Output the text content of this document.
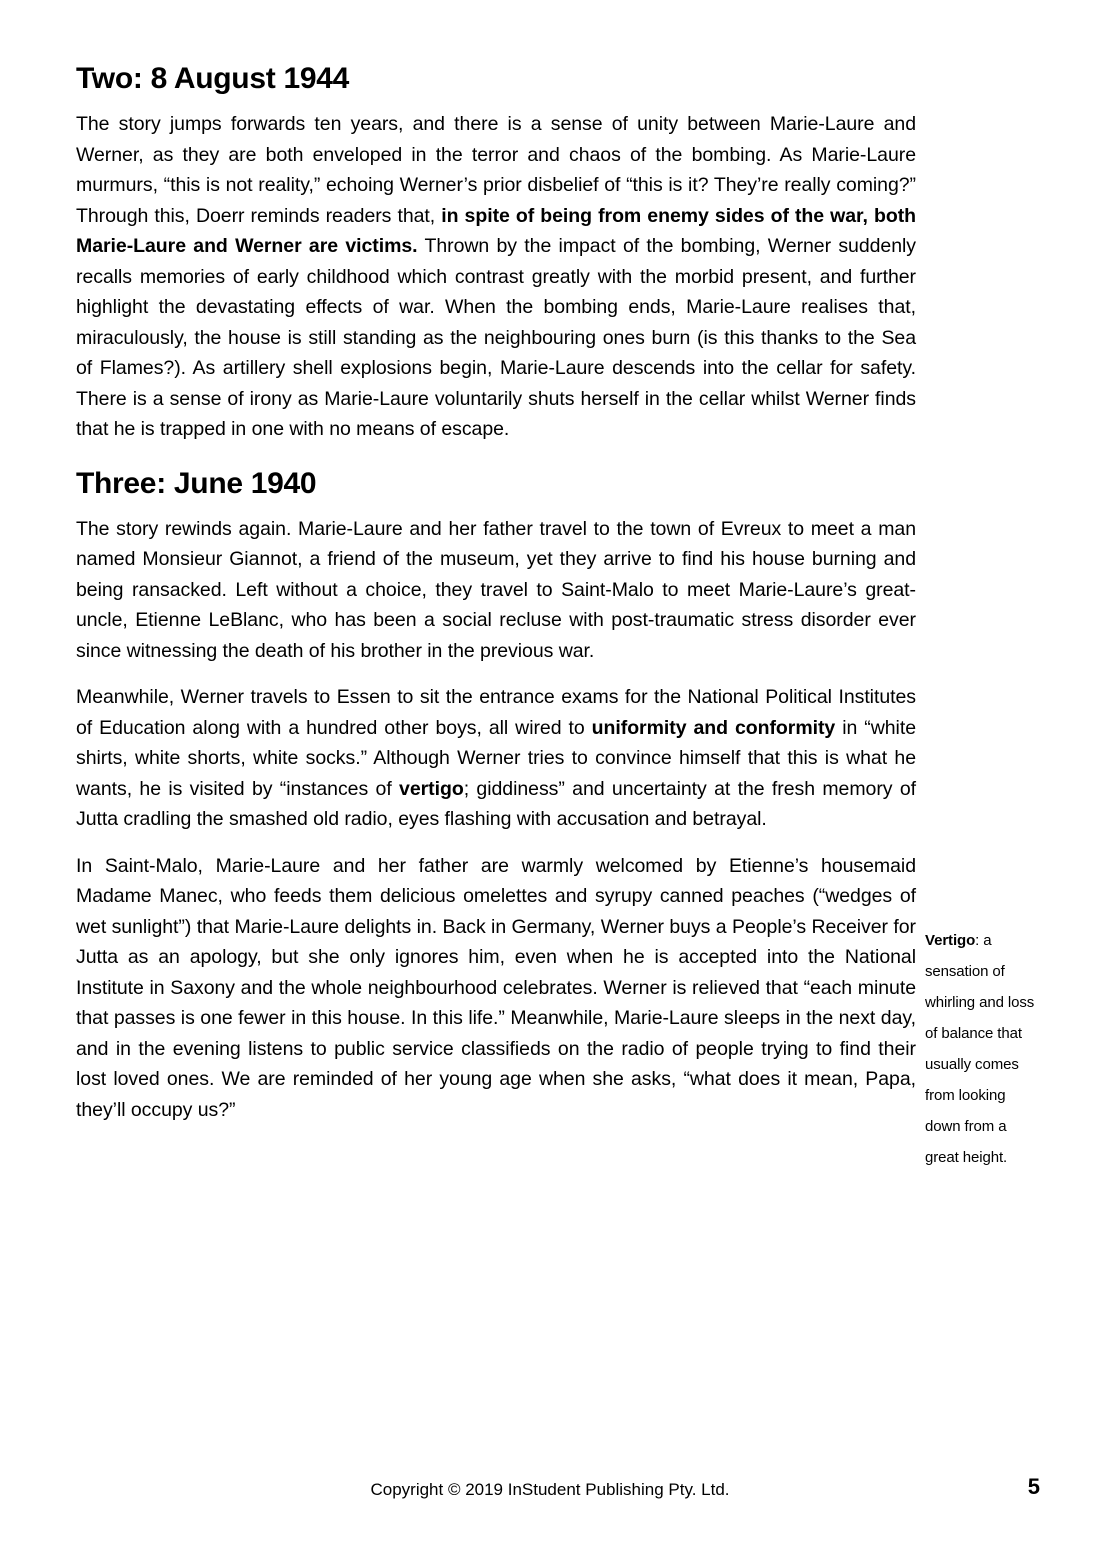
Two: 8 August 1944

The story jumps forwards ten years, and there is a sense of unity between Marie-Laure and Werner, as they are both enveloped in the terror and chaos of the bombing. As Marie-Laure murmurs, “this is not reality,” echoing Werner’s prior disbelief of “this is it? They’re really coming?” Through this, Doerr reminds readers that, in spite of being from enemy sides of the war, both Marie-Laure and Werner are victims. Thrown by the impact of the bombing, Werner suddenly recalls memories of early childhood which contrast greatly with the morbid present, and further highlight the devastating effects of war. When the bombing ends, Marie-Laure realises that, miraculously, the house is still standing as the neighbouring ones burn (is this thanks to the Sea of Flames?). As artillery shell explosions begin, Marie-Laure descends into the cellar for safety. There is a sense of irony as Marie-Laure voluntarily shuts herself in the cellar whilst Werner finds that he is trapped in one with no means of escape.

Three: June 1940

The story rewinds again. Marie-Laure and her father travel to the town of Evreux to meet a man named Monsieur Giannot, a friend of the museum, yet they arrive to find his house burning and being ransacked. Left without a choice, they travel to Saint-Malo to meet Marie-Laure’s great-uncle, Etienne LeBlanc, who has been a social recluse with post-traumatic stress disorder ever since witnessing the death of his brother in the previous war.

Meanwhile, Werner travels to Essen to sit the entrance exams for the National Political Institutes of Education along with a hundred other boys, all wired to uniformity and conformity in “white shirts, white shorts, white socks.” Although Werner tries to convince himself that this is what he wants, he is visited by “instances of vertigo; giddiness” and uncertainty at the fresh memory of Jutta cradling the smashed old radio, eyes flashing with accusation and betrayal.

In Saint-Malo, Marie-Laure and her father are warmly welcomed by Etienne’s housemaid Madame Manec, who feeds them delicious omelettes and syrupy canned peaches (“wedges of wet sunlight”) that Marie-Laure delights in. Back in Germany, Werner buys a People’s Receiver for Jutta as an apology, but she only ignores him, even when he is accepted into the National Institute in Saxony and the whole neighbourhood celebrates. Werner is relieved that “each minute that passes is one fewer in this house. In this life.” Meanwhile, Marie-Laure sleeps in the next day, and in the evening listens to public service classifieds on the radio of people trying to find their lost loved ones. We are reminded of her young age when she asks, “what does it mean, Papa, they’ll occupy us?”

Vertigo: a sensation of whirling and loss of balance that usually comes from looking down from a great height.
Copyright © 2019 InStudent Publishing Pty. Ltd.	5
